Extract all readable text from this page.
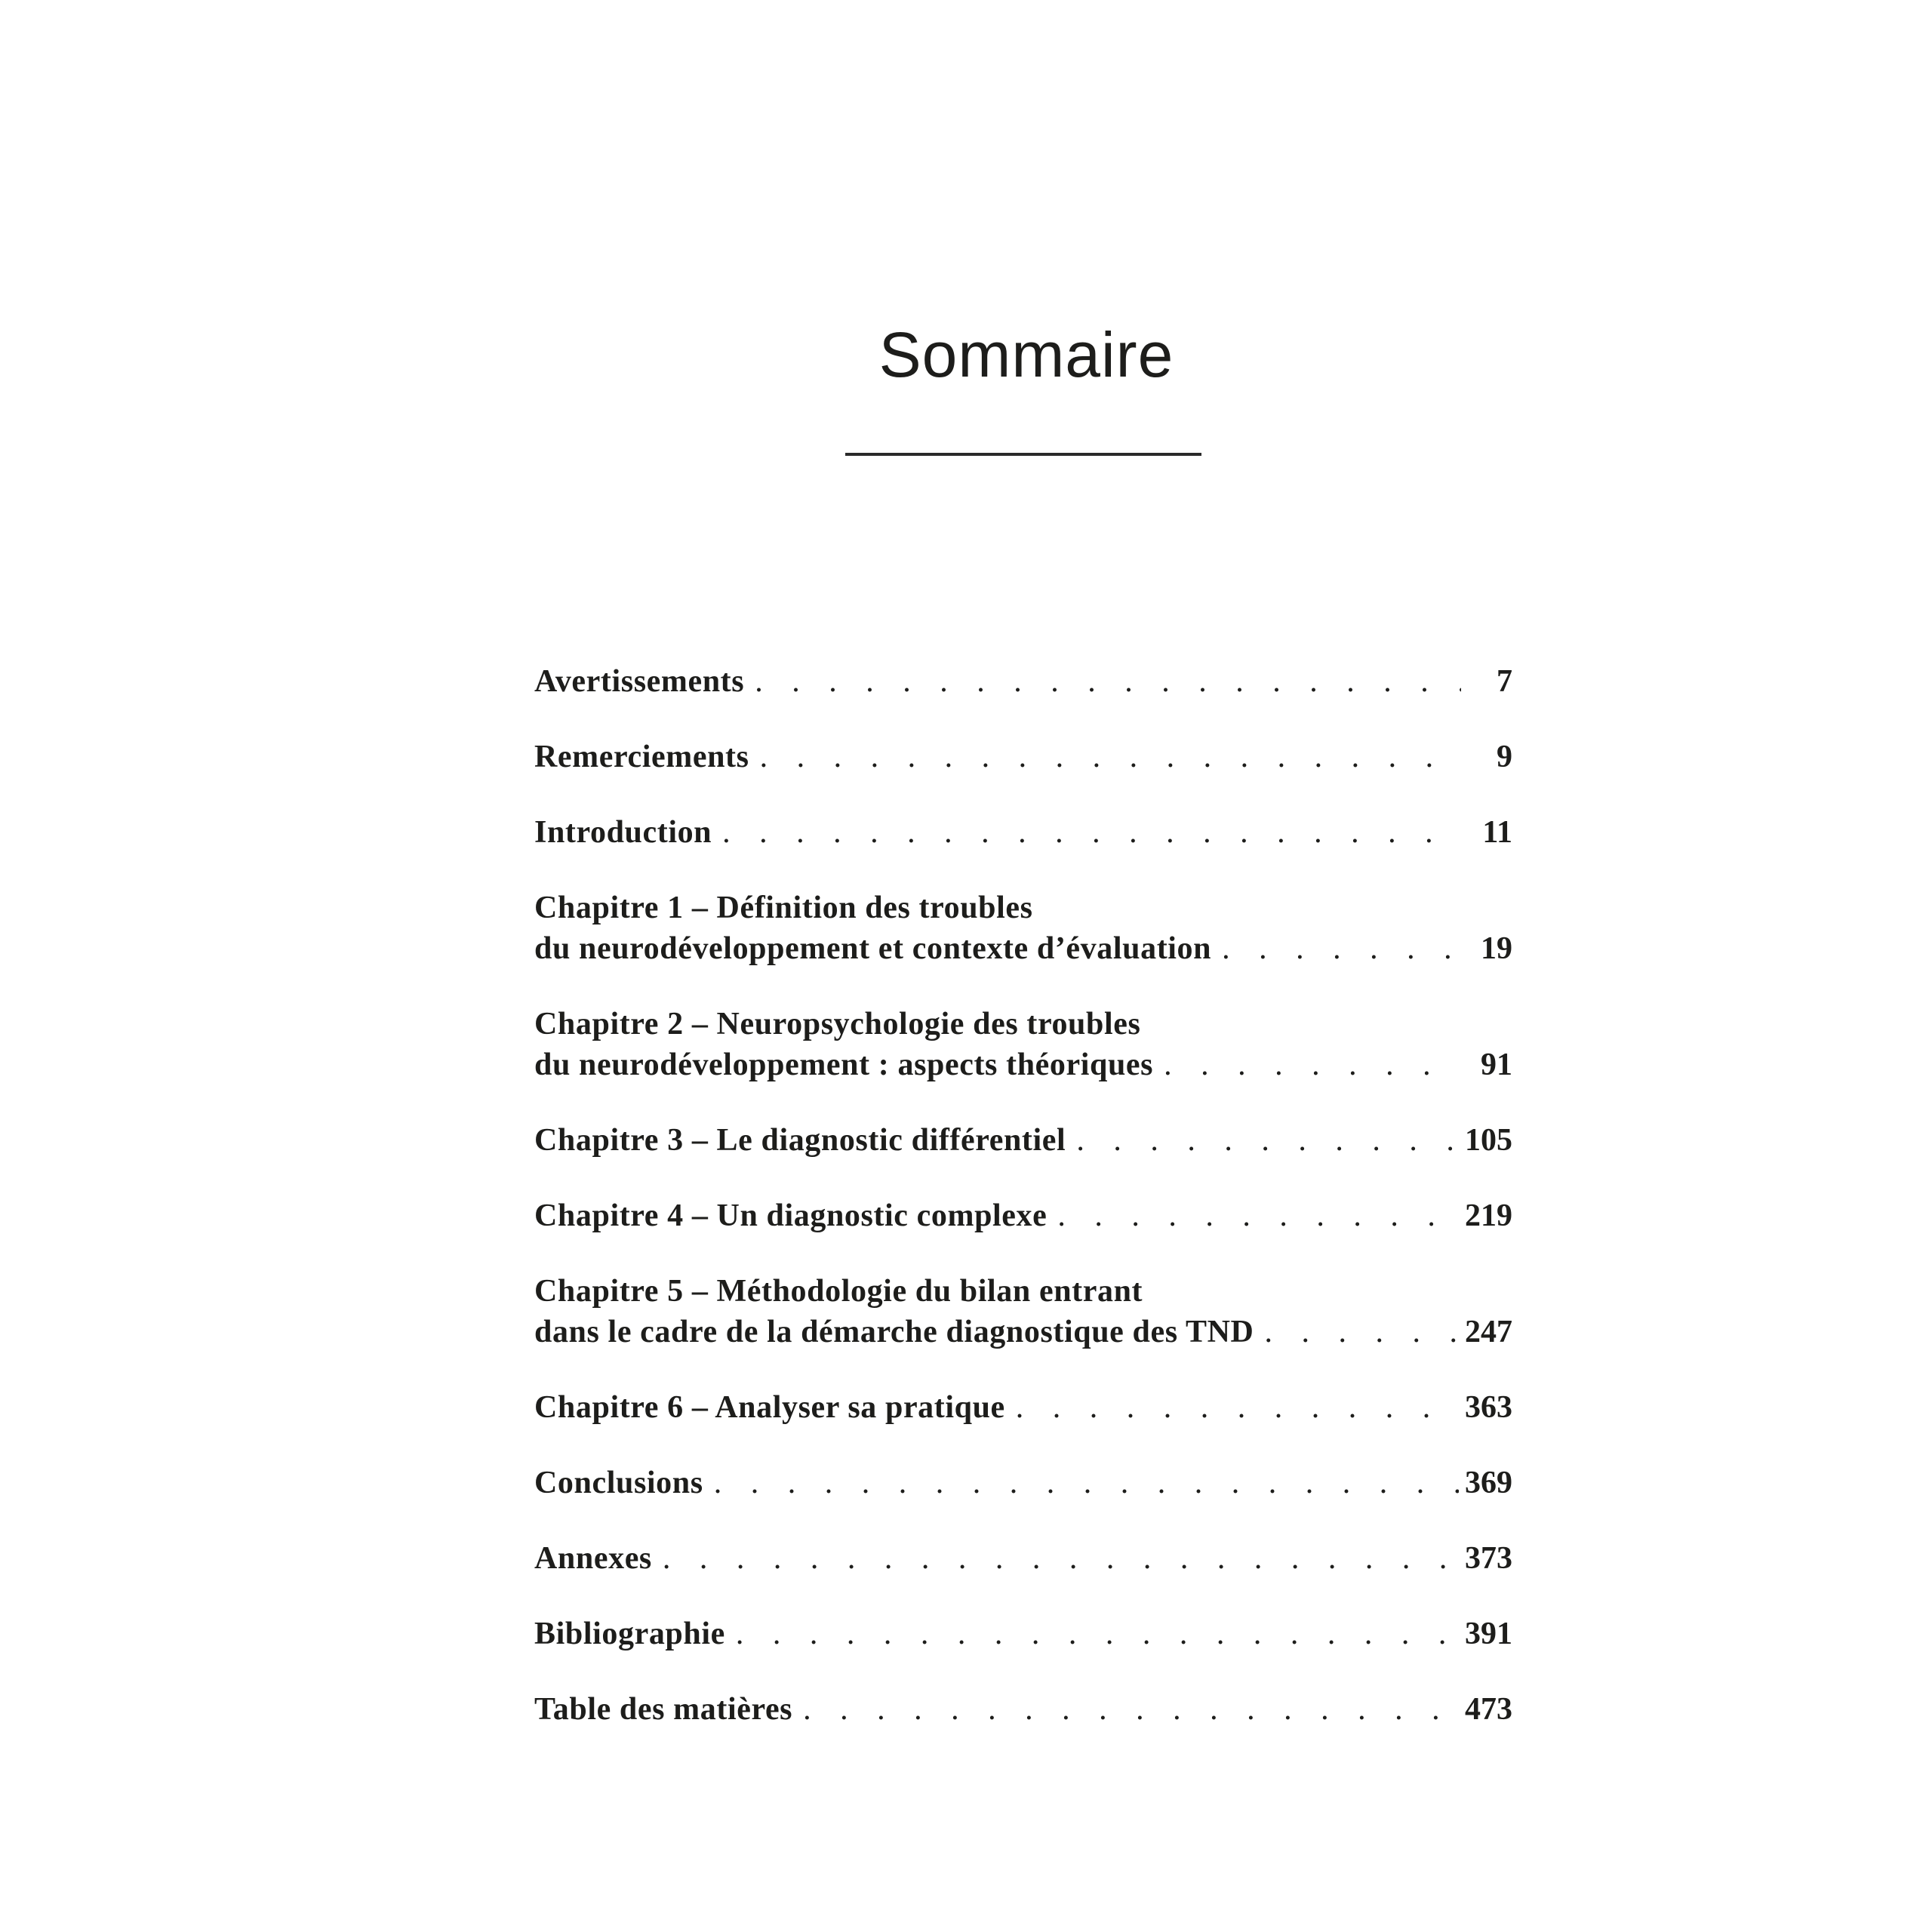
Sommaire
Avertissements . . .	7
Remerciements . . .	9
Introduction . . .	11
Chapitre 1 – Définition des troubles
du neurodéveloppement et contexte d’évaluation . . .	19
Chapitre 2 – Neuropsychologie des troubles
du neurodéveloppement : aspects théoriques . . .	91
Chapitre 3 – Le diagnostic différentiel . . .	105
Chapitre 4 – Un diagnostic complexe . . .	219
Chapitre 5 – Méthodologie du bilan entrant
dans le cadre de la démarche diagnostique des TND . . .	247
Chapitre 6 – Analyser sa pratique . . .	363
Conclusions . . .	369
Annexes . . .	373
Bibliographie . . .	391
Table des matières . . .	473
